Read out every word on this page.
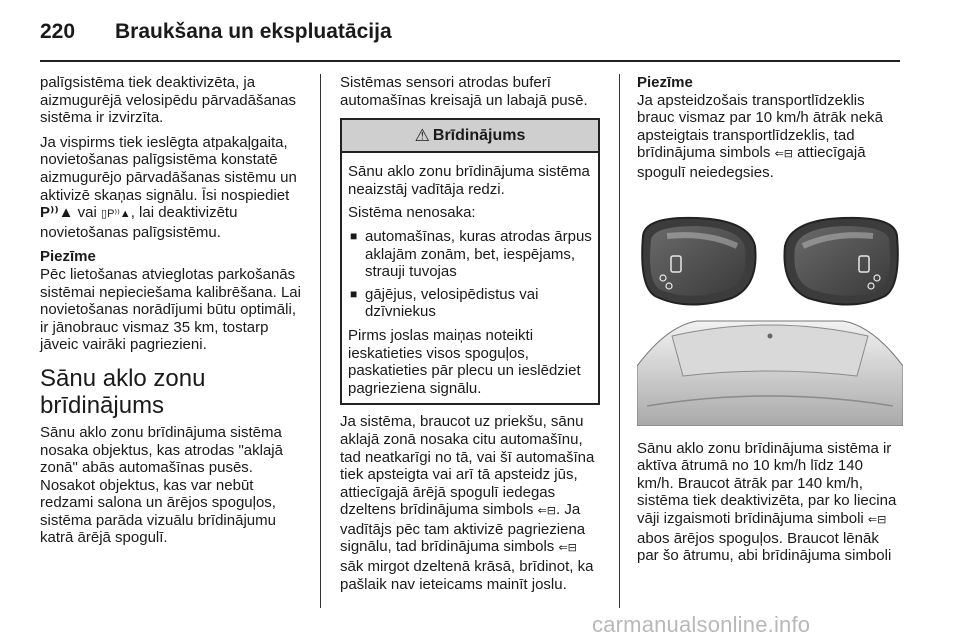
220 Braukšana un ekspluatācija

palīgsistēma tiek deaktivizēta, ja aizmugurējā velosipēdu pārvadāšanas sistēma ir izvirzīta.

Ja vispirms tiek ieslēgta atpakaļgaita, novietošanas palīgsistēma konstatē aizmugurējo pārvadāšanas sistēmu un aktivizē skaņas signālu. Īsi nospiediet P⁾⁾▲ vai ▯P⁾⁾▲, lai deaktivizētu novietošanas palīgsistēmu.

Piezīme
Pēc lietošanas atvieglotas parkošanās sistēmai nepieciešama kalibrēšana. Lai novietošanas norādījumi būtu optimāli, ir jānobrauc vismaz 35 km, tostarp jāveic vairāki pagriezieni.
Sānu aklo zonu
brīdinājums

Sānu aklo zonu brīdinājuma sistēma nosaka objektus, kas atrodas "aklajā zonā" abās automašīnas pusēs. Nosakot objektus, kas var nebūt redzami salona un ārējos spoguļos, sistēma parāda vizuālu brīdinājumu katrā ārējā spogulī.

Sistēmas sensori atrodas buferī automašīnas kreisajā un labajā pusē.

⚠ Brīdinājums

Sānu aklo zonu brīdinājuma sistēma neaizstāj vadītāja redzi.

Sistēma nenosaka:

■ automašīnas, kuras atrodas ārpus aklajām zonām, bet, iespējams, strauji tuvojas
■ gājējus, velosipēdistus vai dzīvniekus

Pirms joslas maiņas noteikti ieskatieties visos spoguļos, paskatieties pār plecu un ieslēdziet pagrieziena signālu.

Ja sistēma, braucot uz priekšu, sānu aklajā zonā nosaka citu automašīnu, tad neatkarīgi no tā, vai šī automašīna tiek apsteigta vai arī tā apsteidz jūs, attiecīgajā ārējā spogulī iedegas dzeltens brīdinājuma simbols ⇐⊟. Ja vadītājs pēc tam aktivizē pagrieziena signālu, tad brīdinājuma simbols ⇐⊟ sāk mirgot dzeltenā krāsā, brīdinot, ka pašlaik nav ieteicams mainīt joslu.

Piezīme
Ja apsteidzošais transportlīdzeklis brauc vismaz par 10 km/h ātrāk nekā apsteigtais transportlīdzeklis, tad brīdinājuma simbols ⇐⊟ attiecīgajā spogulī neiedegsies.

Sānu aklo zonu brīdinājuma sistēma ir aktīva ātrumā no 10 km/h līdz 140 km/h. Braucot ātrāk par 140 km/h, sistēma tiek deaktivizēta, par ko liecina vāji izgaismoti brīdinājuma simboli ⇐⊟ abos ārējos spoguļos. Braucot lēnāk par šo ātrumu, abi brīdinājuma simboli

carmanualsonline.info
